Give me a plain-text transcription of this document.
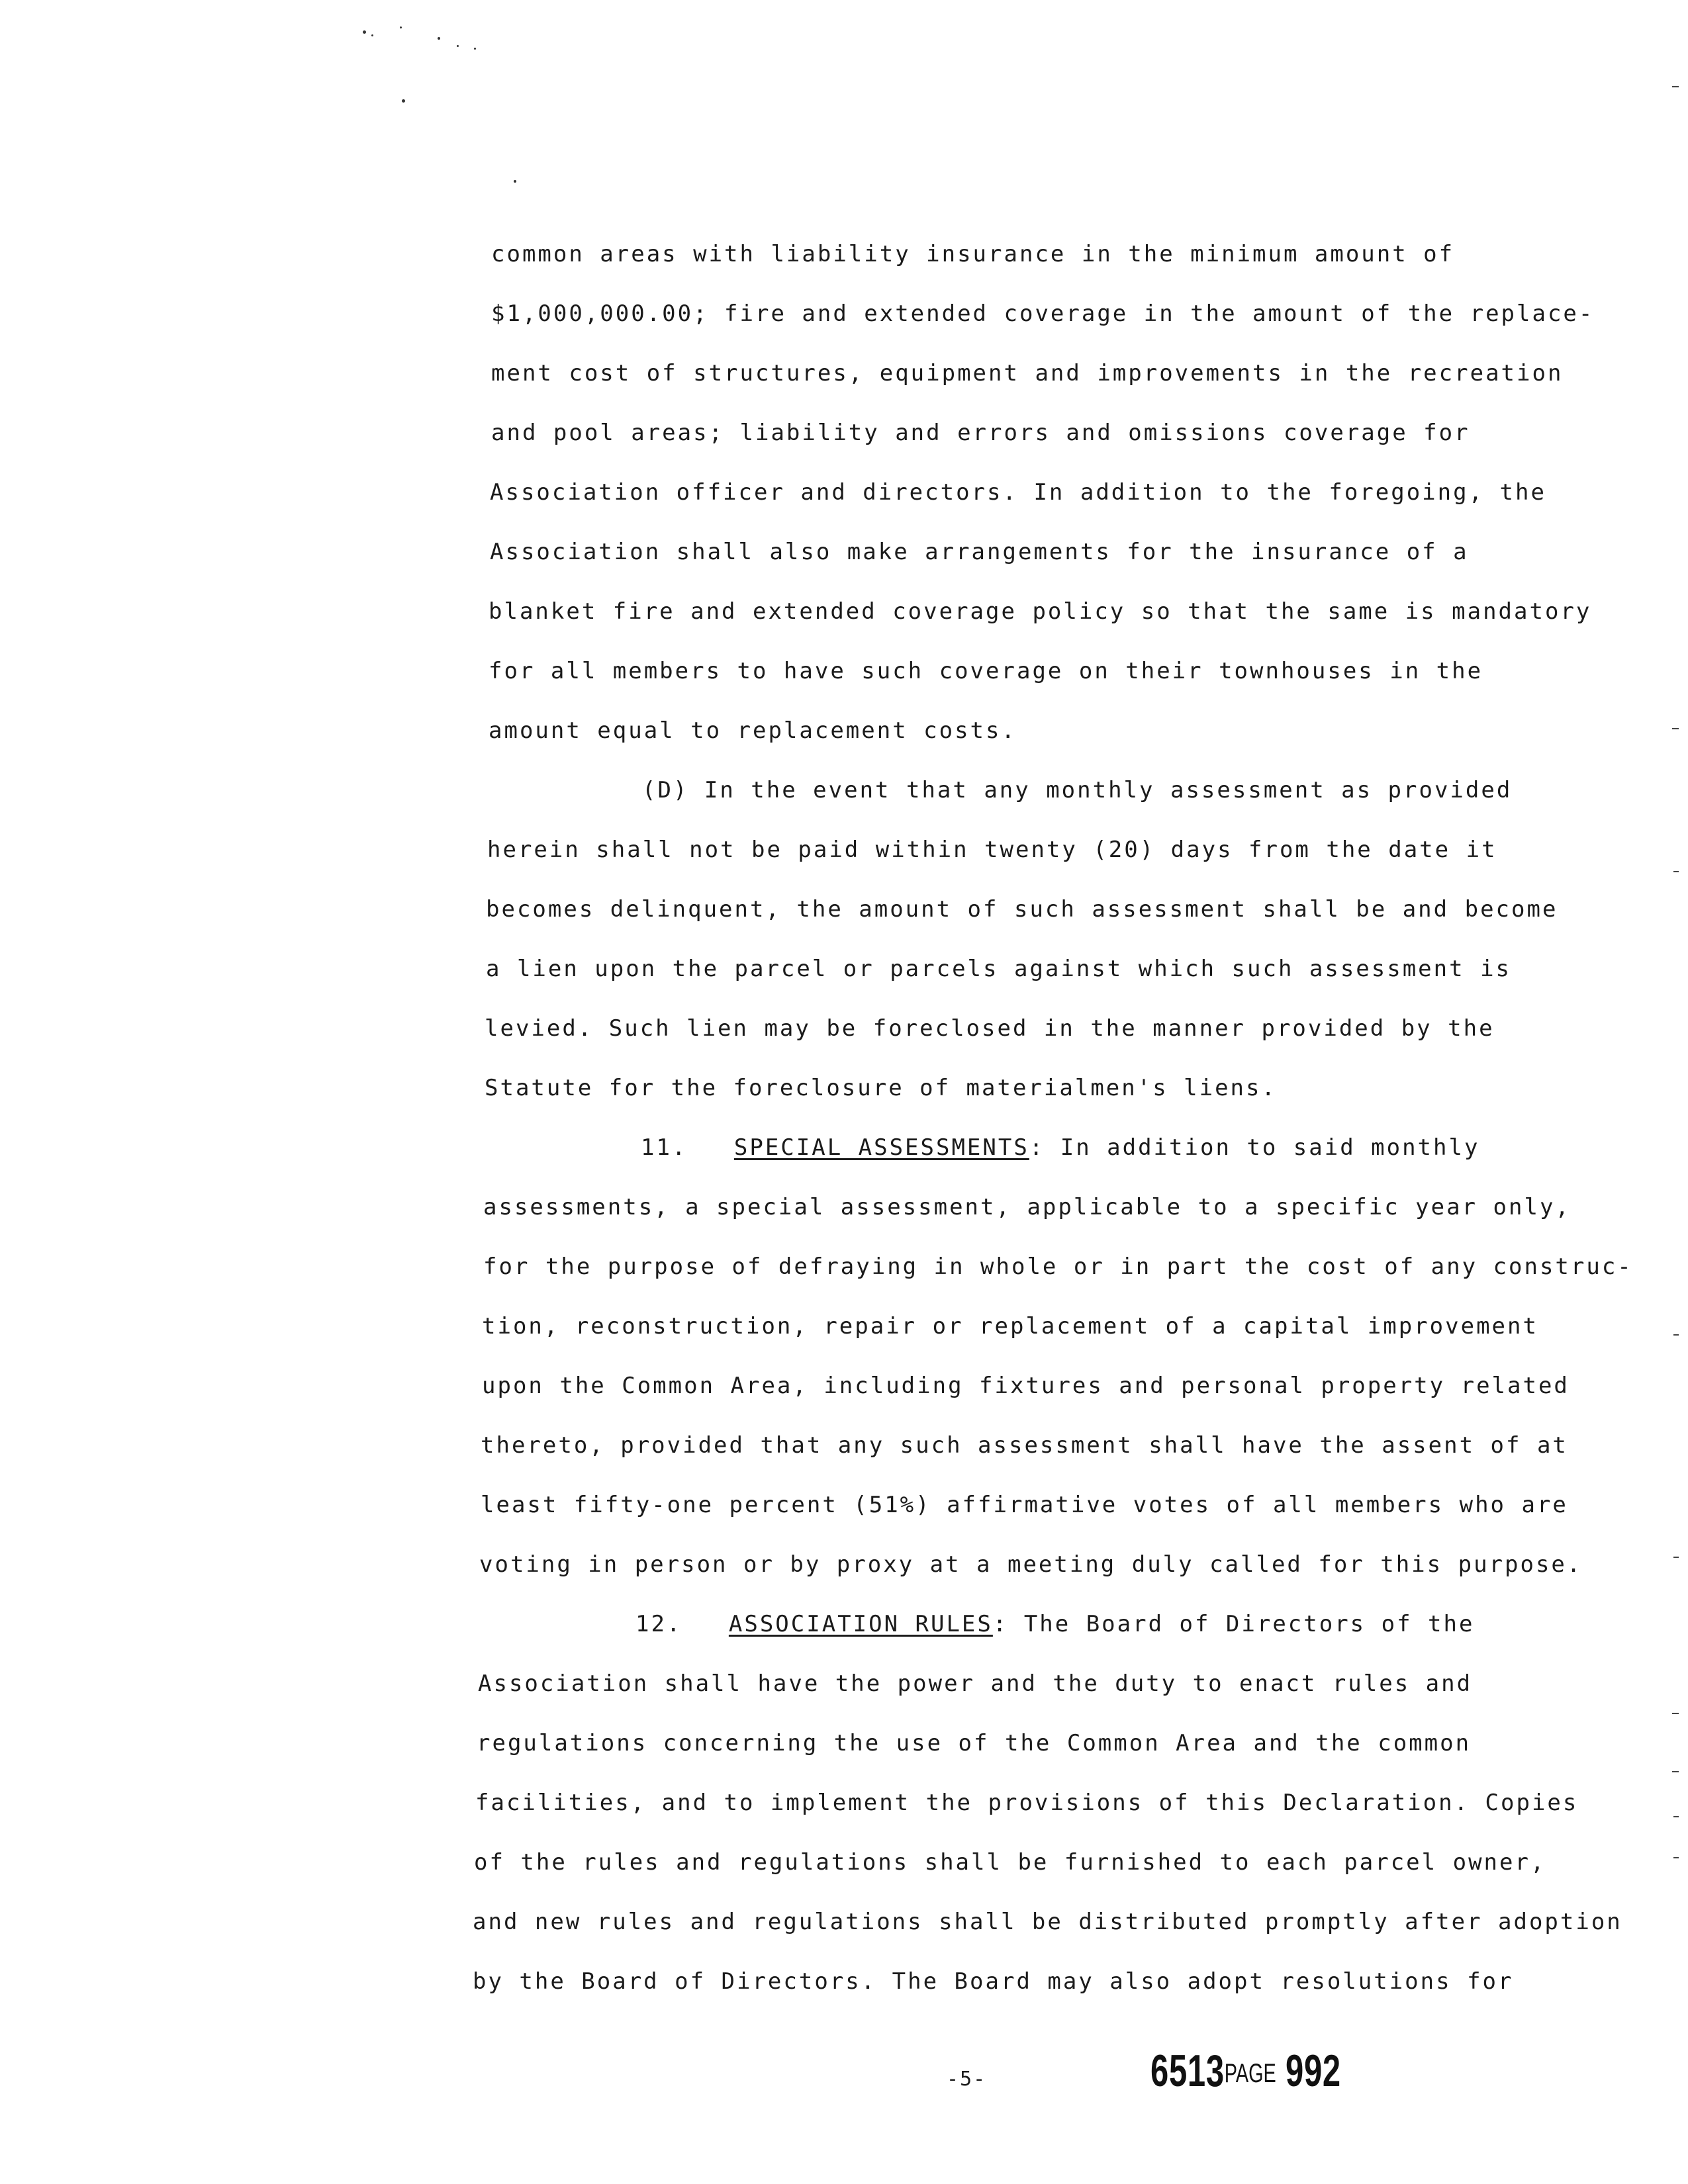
common areas with liability insurance in the minimum amount of
$1,000,000.00; fire and extended coverage in the amount of the replace-
ment cost of structures, equipment and improvements in the recreation
and pool areas; liability and errors and omissions coverage for
Association officer and directors. In addition to the foregoing, the
Association shall also make arrangements for the insurance of a
blanket fire and extended coverage policy so that the same is mandatory
for all members to have such coverage on their townhouses in the
amount equal to replacement costs.
(D) In the event that any monthly assessment as provided
herein shall not be paid within twenty (20) days from the date it
becomes delinquent, the amount of such assessment shall be and become
a lien upon the parcel or parcels against which such assessment is
levied. Such lien may be foreclosed in the manner provided by the
Statute for the foreclosure of materialmen's liens.
11. SPECIAL ASSESSMENTS: In addition to said monthly
assessments, a special assessment, applicable to a specific year only,
for the purpose of defraying in whole or in part the cost of any construc-
tion, reconstruction, repair or replacement of a capital improvement
upon the Common Area, including fixtures and personal property related
thereto, provided that any such assessment shall have the assent of at
least fifty-one percent (51%) affirmative votes of all members who are
voting in person or by proxy at a meeting duly called for this purpose.
12. ASSOCIATION RULES: The Board of Directors of the
Association shall have the power and the duty to enact rules and
regulations concerning the use of the Common Area and the common
facilities, and to implement the provisions of this Declaration. Copies
of the rules and regulations shall be furnished to each parcel owner,
and new rules and regulations shall be distributed promptly after adoption
by the Board of Directors. The Board may also adopt resolutions for
-5-	6513PAGE 992
